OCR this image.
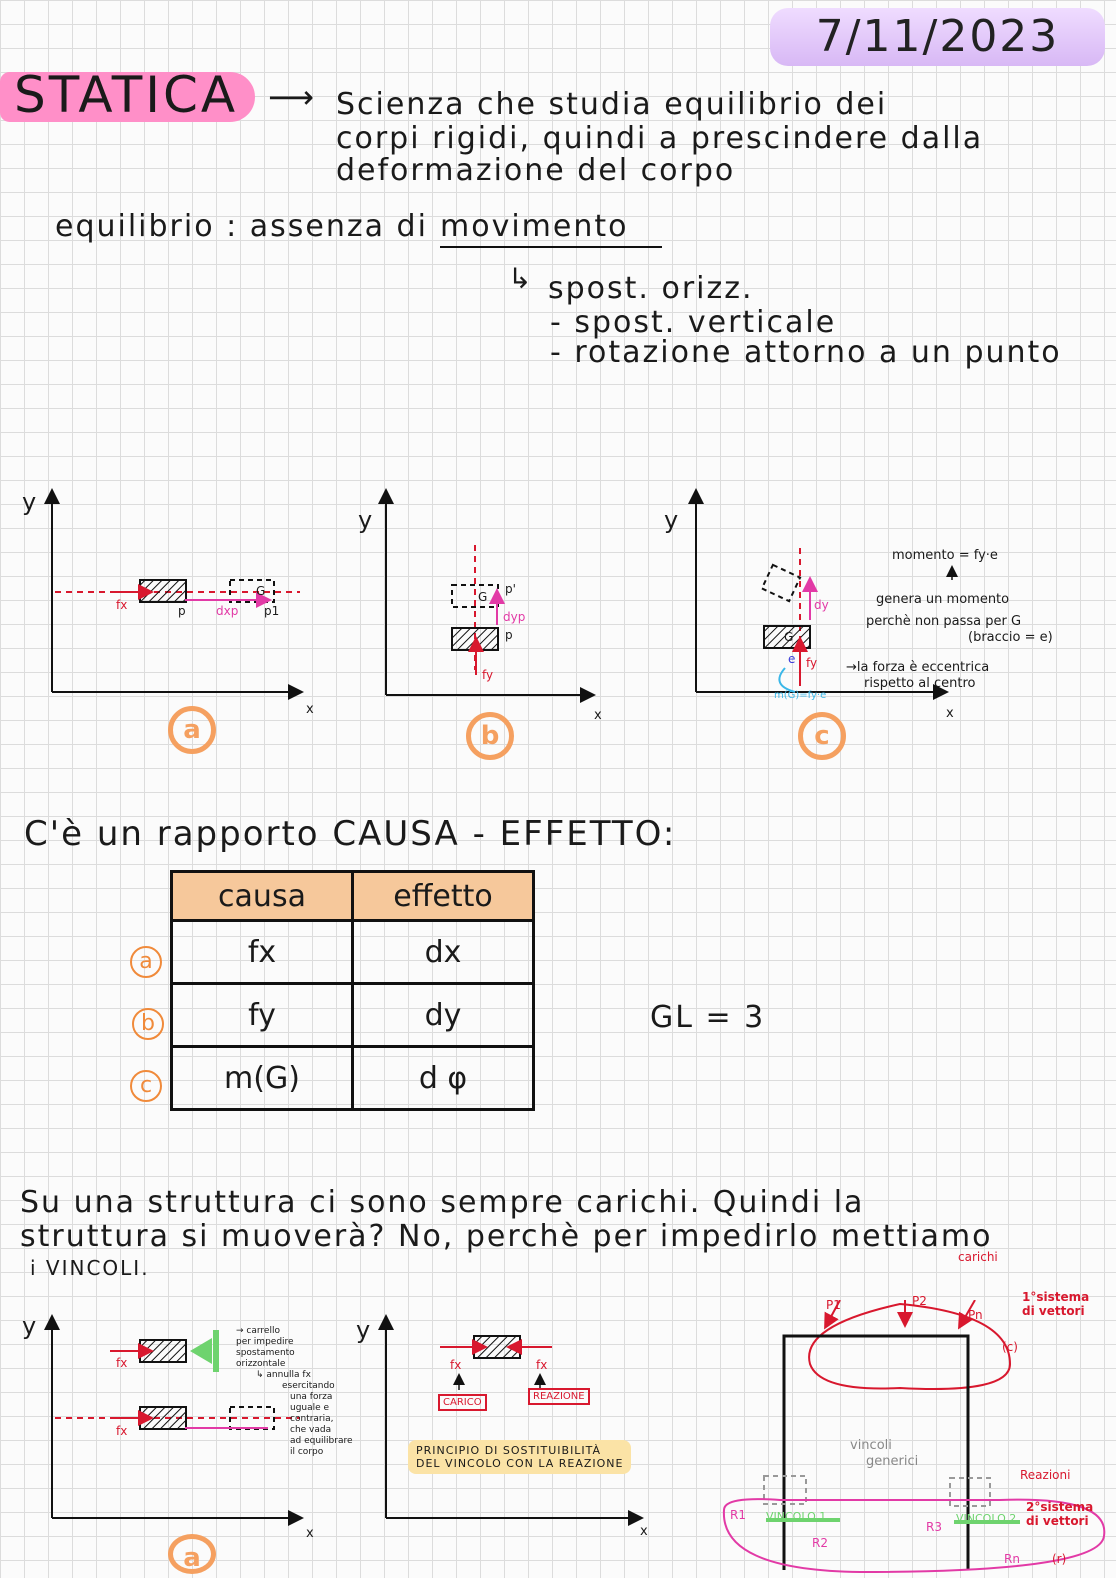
7/11/2023
STATICA ⟶ Scienza che studia equilibrio dei
corpi rigidi, quindi a prescindere dalla
deformazione del corpo
equilibrio : assenza di movimento
↳ spost. orizz.
- spost. verticale
- rotazione attorno a un punto
y
x
fx	p	p1
G
dxp
a
y
x
fy
p
p'
G
dyp
b
y
x
fy
dy
G
e
m(G)=fy·e
momento = fy·e
genera un momento
perchè non passa per G
(braccio = e)
→la forza è eccentrica
rispetto al centro
c
C'è un rapporto CAUSA - EFFETTO:
causa	effetto
fx	dx
fy	dy
m(G)	d φ
a
b
c
GL = 3
Su una struttura ci sono sempre carichi. Quindi la
struttura si muoverà? No, perchè per impedirlo mettiamo
i VINCOLI.
y
fx
fx
→ carrello
per impedire
spostamento
orizzontale
↳ annulla fx
esercitando
una forza
uguale e
contraria,
che vada
ad equilibrare
il corpo
x
a
y
fx	fx
CARICO
REAZIONE
PRINCIPIO DI SOSTITUIBILITÀ
DEL VINCOLO CON LA REAZIONE
x
carichi
1°sistema
di vettori
(c)
P1	P2
Pn
vincoli
generici
Reazioni
2°sistema
di vettori
(r)
VINCOLO 1	VINCOLO 2
R1
R2
R3
Rn
